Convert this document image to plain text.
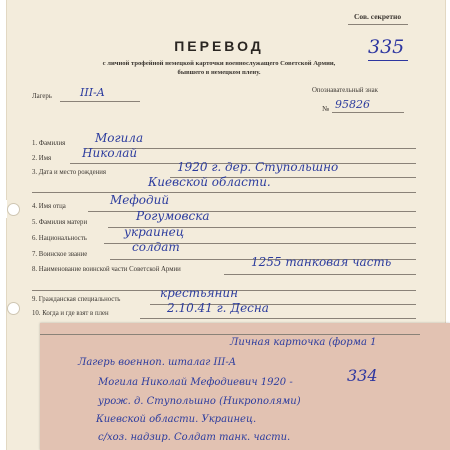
Сов. секретно
ПЕРЕВОД
с личной трофейной немецкой карточки военнослужащего Советской Армии,
бывшего в немецком плену.
335
Лагерь	III-A	Опознавательный знак
№ 95826
1. Фамилия Могила
2. Имя	Николай
3. Дата и место рождения	1920 г. дер. Ступольшно
Киевской области.
4. Имя отца	Мефодий
5. Фамилия матери	Рогумовска
6. Национальность	украинец
7. Воинское звание
солдат
8. Наименование воинской части Советской Армии
1255 танковая часть
9. Гражданская специальность	крестьянин
10. Когда и где взят в плен	2.10.41 г. Десна
Личная карточка (форма 1
Лагерь военноп. шталаг III-A
Могила Николай Мефодиевич 1920 -	334
урож. д. Ступольшно (Никрополями)
Киевской области. Украинец.
с/хоз. надзир. Солдат танк. части.
